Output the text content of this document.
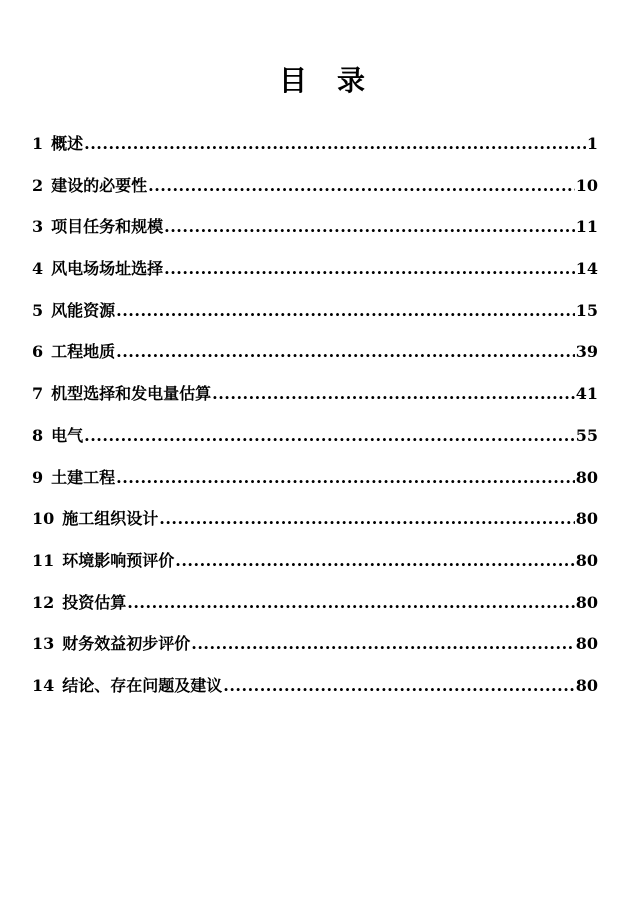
目 录
1 概述 .....	1
2 建设的必要性 .....	10
3 项目任务和规模 .....	11
4 风电场场址选择 .....	14
5 风能资源 .....	15
6 工程地质 .....	39
7 机型选择和发电量估算 .....	41
8 电气 .....	55
9 土建工程 .....	80
10 施工组织设计 .....	80
11 环境影响预评价 .....	80
12 投资估算 .....	80
13 财务效益初步评价 .....	80
14 结论、存在问题及建议 .....	80
